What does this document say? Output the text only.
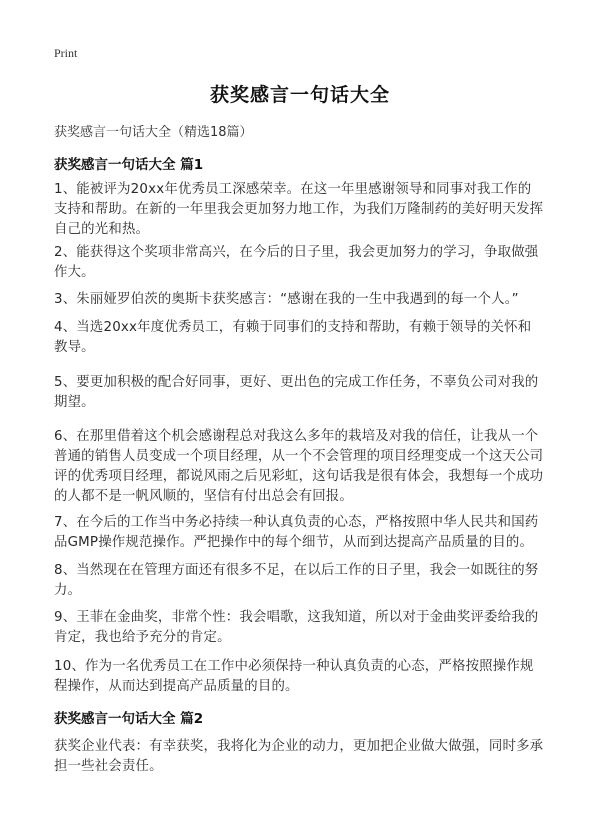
Print
获奖感言一句话大全
获奖感言一句话大全（精选18篇）
获奖感言一句话大全 篇1
1、能被评为20xx年优秀员工深感荣幸。在这一年里感谢领导和同事对我工作的支持和帮助。在新的一年里我会更加努力地工作，为我们万隆制药的美好明天发挥自己的光和热。
2、能获得这个奖项非常高兴，在今后的日子里，我会更加努力的学习，争取做强作大。
3、朱丽娅罗伯茨的奥斯卡获奖感言：“感谢在我的一生中我遇到的每一个人。”
4、当选20xx年度优秀员工，有赖于同事们的支持和帮助，有赖于领导的关怀和教导。
5、要更加积极的配合好同事，更好、更出色的完成工作任务，不辜负公司对我的期望。
6、在那里借着这个机会感谢程总对我这么多年的栽培及对我的信任，让我从一个普通的销售人员变成一个项目经理，从一个不会管理的项目经理变成一个这天公司评的优秀项目经理，都说风雨之后见彩虹，这句话我是很有体会，我想每一个成功的人都不是一帆风顺的，坚信有付出总会有回报。
7、在今后的工作当中务必持续一种认真负责的心态，严格按照中华人民共和国药品GMP操作规范操作。严把操作中的每个细节，从而到达提高产品质量的目的。
8、当然现在在管理方面还有很多不足，在以后工作的日子里，我会一如既往的努力。
9、王菲在金曲奖，非常个性：我会唱歌，这我知道，所以对于金曲奖评委给我的肯定，我也给予充分的肯定。
10、作为一名优秀员工在工作中必须保持一种认真负责的心态，严格按照操作规程操作，从而达到提高产品质量的目的。
获奖感言一句话大全 篇2
获奖企业代表：有幸获奖，我将化为企业的动力，更加把企业做大做强，同时多承担一些社会责任。
